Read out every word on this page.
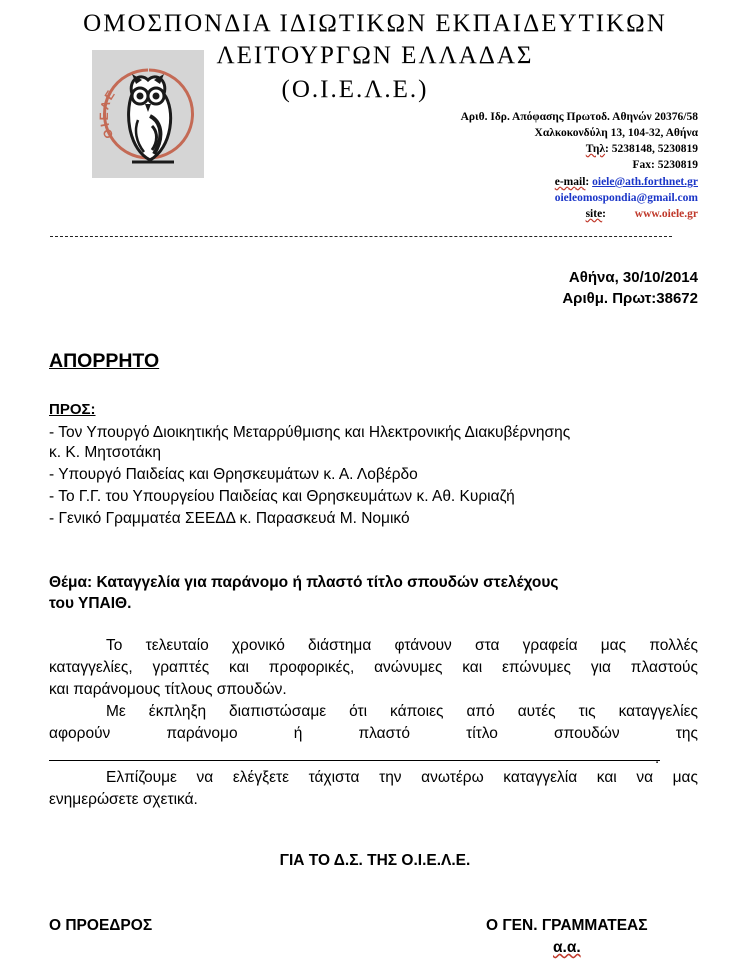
ΟΜΟΣΠΟΝΔΙΑ ΙΔΙΩΤΙΚΩΝ ΕΚΠΑΙΔΕΥΤΙΚΩΝ
ΛΕΙΤΟΥΡΓΩΝ ΕΛΛΑΔΑΣ
(Ο.Ι.Ε.Λ.Ε.)
ΟΙΕΛΕ
Αριθ. Ιδρ. Απόφασης Πρωτοδ. Αθηνών 20376/58
Χαλκοκονδύλη 13, 104-32, Αθήνα
Τηλ: 5238148, 5230819
Fax: 5230819
e-mail: oiele@ath.forthnet.gr
oieleomospondia@gmail.com
site:          www.oiele.gr
Αθήνα, 30/10/2014
Αριθμ. Πρωτ:38672
ΑΠΟΡΡΗΤΟ
ΠΡΟΣ:
- Τον Υπουργό Διοικητικής Μεταρρύθμισης και Ηλεκτρονικής Διακυβέρνησης
κ. Κ. Μητσοτάκη
- Υπουργό Παιδείας και Θρησκευμάτων κ. Α. Λοβέρδο
- Το Γ.Γ. του Υπουργείου Παιδείας και Θρησκευμάτων κ. Αθ. Κυριαζή
- Γενικό Γραμματέα ΣΕΕΔΔ κ. Παρασκευά Μ. Νομικό
Θέμα: Καταγγελία για παράνομο ή πλαστό τίτλο σπουδών στελέχους
του ΥΠΑΙΘ.
Το τελευταίο χρονικό διάστημα φτάνουν στα γραφεία μας πολλές
καταγγελίες, γραπτές και προφορικές, ανώνυμες και επώνυμες για πλαστούς
και παράνομους τίτλους σπουδών.
Με έκπληξη διαπιστώσαμε ότι κάποιες από αυτές τις καταγγελίες
αφορούν παράνομο ή πλαστό τίτλο σπουδών της
.
Ελπίζουμε να ελέγξετε τάχιστα την ανωτέρω καταγγελία και να μας
ενημερώσετε σχετικά.
ΓΙΑ ΤΟ Δ.Σ. ΤΗΣ Ο.Ι.Ε.Λ.Ε.
Ο ΠΡΟΕΔΡΟΣ	Ο ΓΕΝ. ΓΡΑΜΜΑΤΕΑΣ
α.α.
